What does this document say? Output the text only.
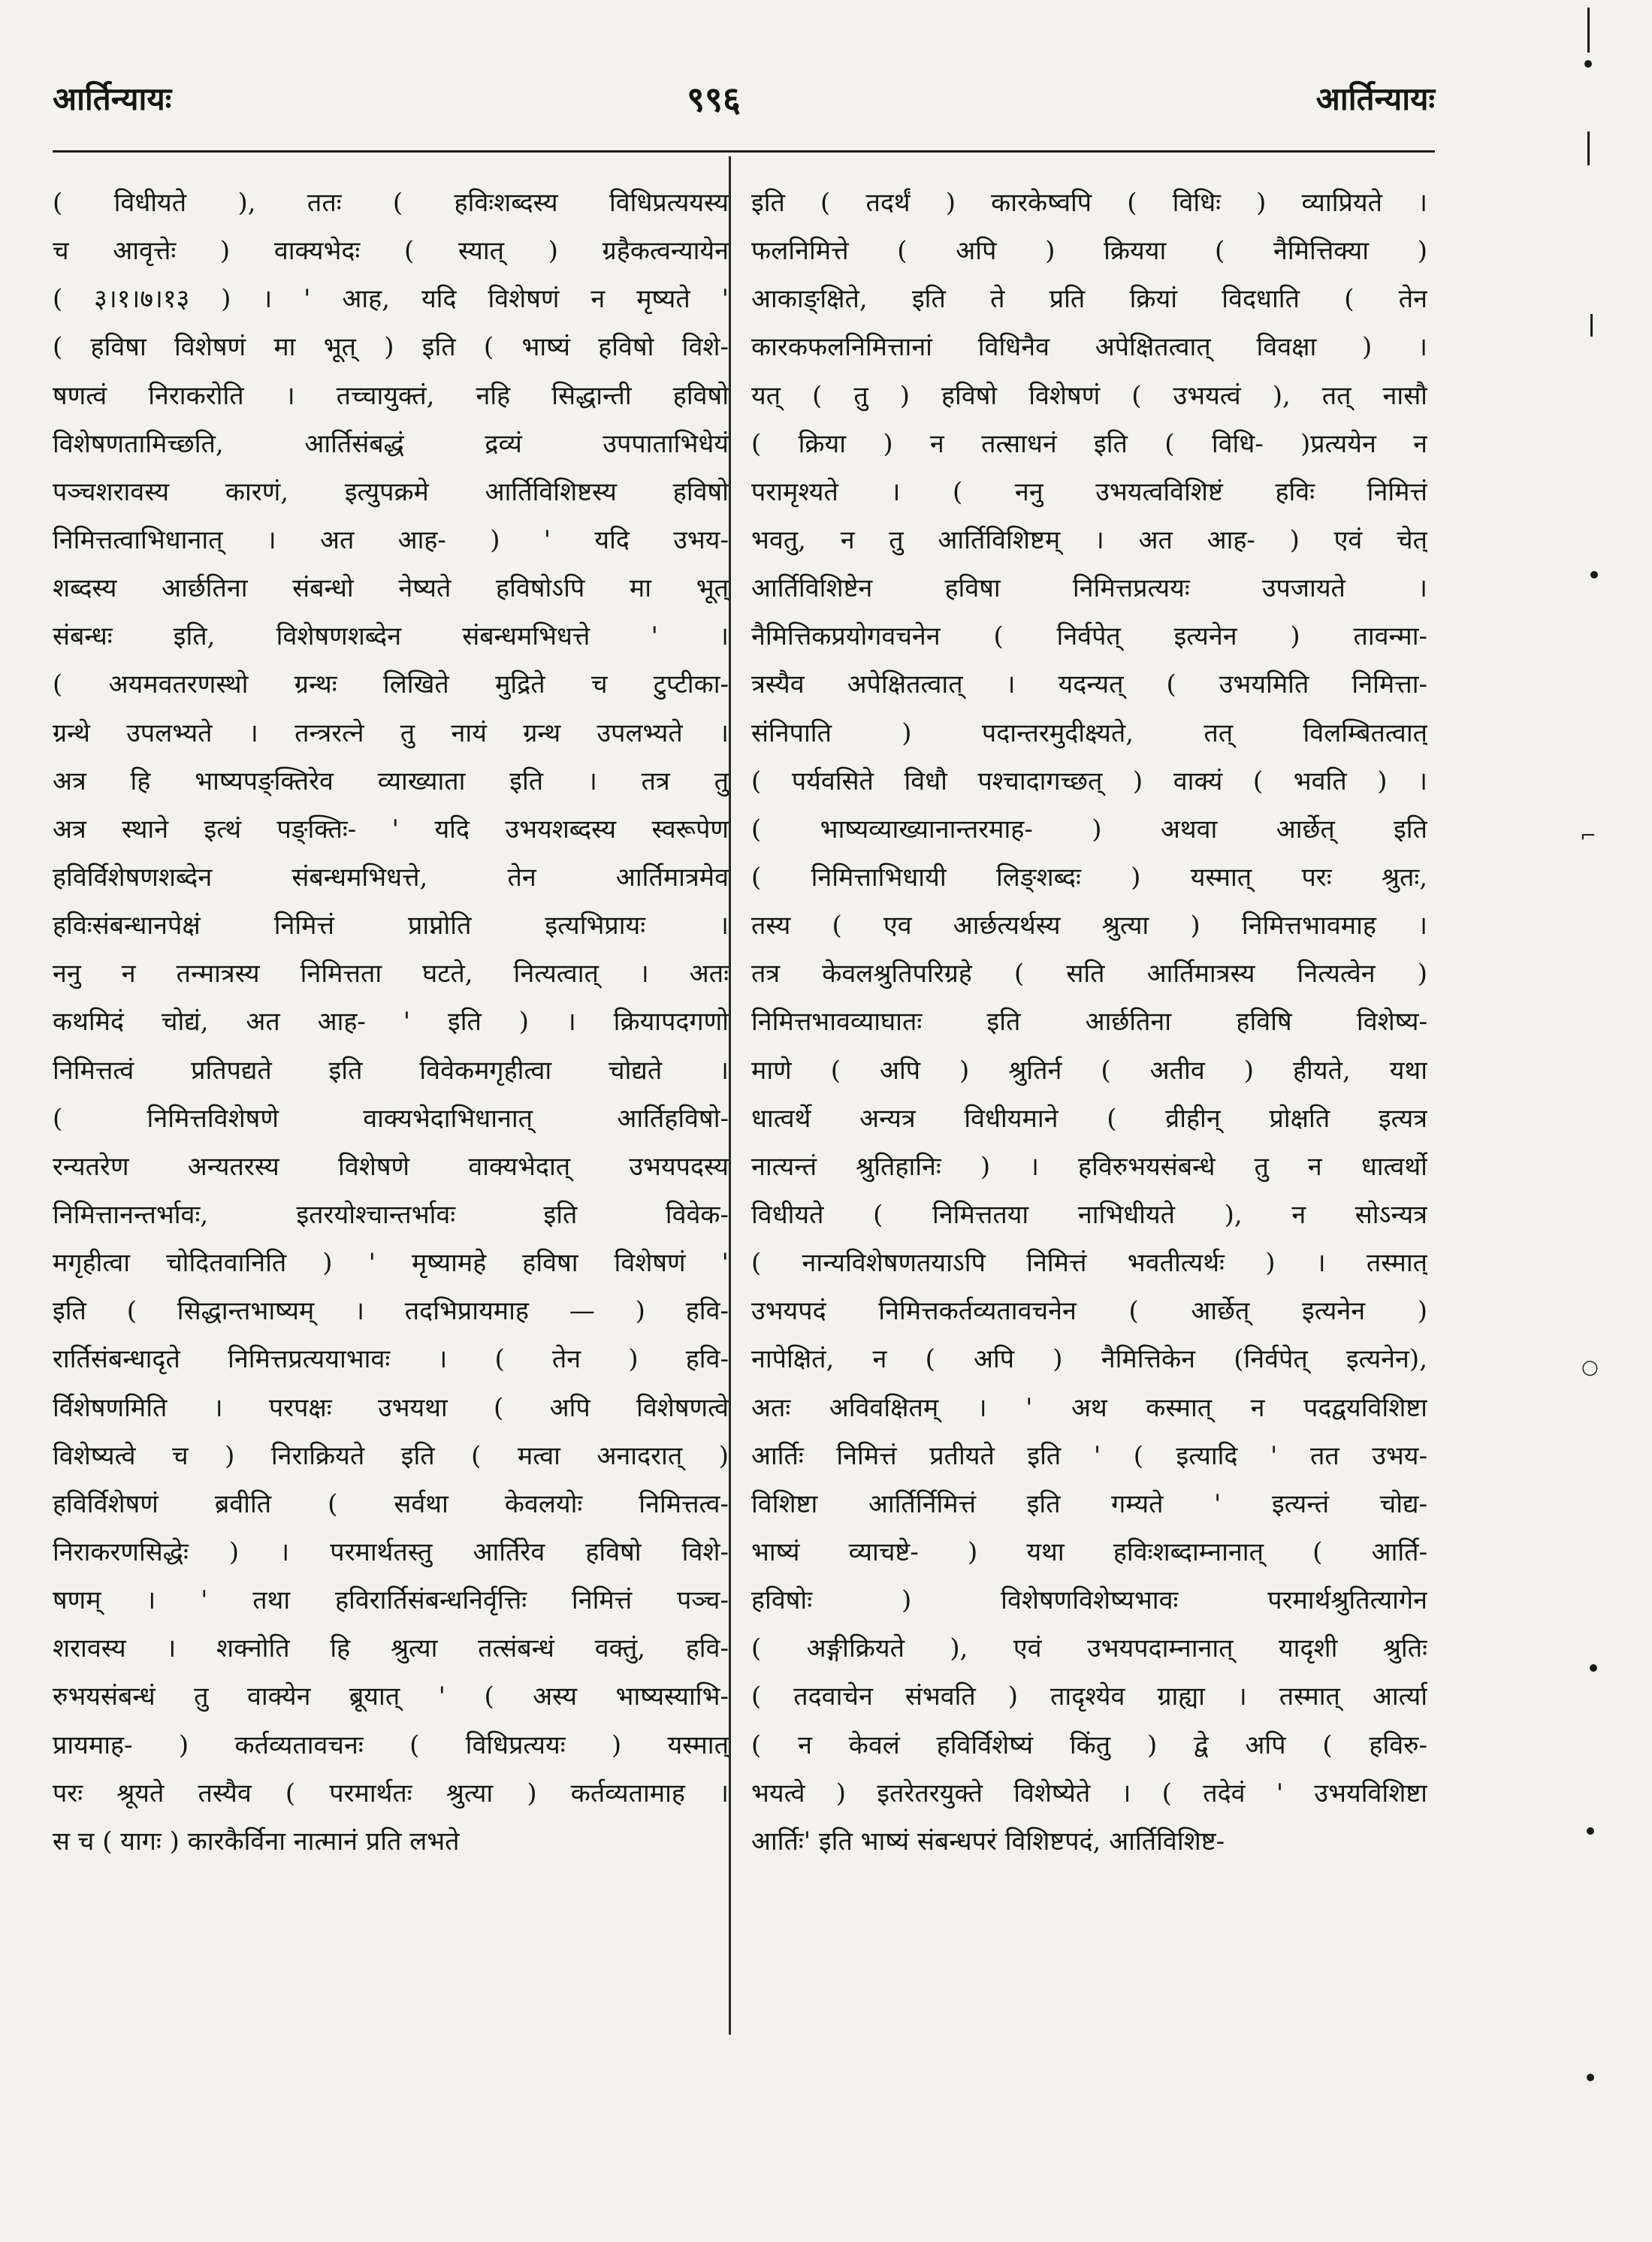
आर्तिन्यायः	९९६	आर्तिन्यायः
( विधीयते ), ततः ( हविःशब्दस्य विधिप्रत्ययस्य
च आवृत्तेः ) वाक्यभेदः ( स्यात् ) ग्रहैकत्वन्यायेन
( ३।१।७।१३ ) । ' आह, यदि विशेषणं न मृष्यते '
( हविषा विशेषणं मा भूत् ) इति ( भाष्यं हविषो विशे-
षणत्वं निराकरोति । तच्चायुक्तं, नहि सिद्धान्ती हविषो
विशेषणतामिच्छति, आर्तिसंबद्धं द्रव्यं उपपाताभिधेयं
पञ्चशरावस्य कारणं, इत्युपक्रमे आर्तिविशिष्टस्य हविषो
निमित्तत्वाभिधानात् । अत आह- ) ' यदि उभय-
शब्दस्य आर्छतिना संबन्धो नेष्यते हविषोऽपि मा भूत्
संबन्धः इति, विशेषणशब्देन संबन्धमभिधत्ते ' ।
( अयमवतरणस्थो ग्रन्थः लिखिते मुद्रिते च टुप्टीका-
ग्रन्थे उपलभ्यते । तन्त्ररत्ने तु नायं ग्रन्थ उपलभ्यते ।
अत्र हि भाष्यपङ्क्तिरेव व्याख्याता इति । तत्र तु
अत्र स्थाने इत्थं पङ्क्तिः- ' यदि उभयशब्दस्य स्वरूपेण
हविर्विशेषणशब्देन संबन्धमभिधत्ते, तेन आर्तिमात्रमेव
हविःसंबन्धानपेक्षं निमित्तं प्राप्नोति इत्यभिप्रायः ।
ननु न तन्मात्रस्य निमित्तता घटते, नित्यत्वात् । अतः
कथमिदं चोद्यं, अत आह- ' इति ) । क्रियापदगणो
निमित्तत्वं प्रतिपद्यते इति विवेकमगृहीत्वा चोद्यते ।
( निमित्तविशेषणे वाक्यभेदाभिधानात् आर्तिहविषो-
रन्यतरेण अन्यतरस्य विशेषणे वाक्यभेदात् उभयपदस्य
निमित्तानन्तर्भावः, इतरयोश्चान्तर्भावः इति विवेक-
मगृहीत्वा चोदितवानिति ) ' मृष्यामहे हविषा विशेषणं '
इति ( सिद्धान्तभाष्यम् । तदभिप्रायमाह — ) हवि-
रार्तिसंबन्धादृते निमित्तप्रत्ययाभावः । ( तेन ) हवि-
र्विशेषणमिति । परपक्षः उभयथा ( अपि विशेषणत्वे
विशेष्यत्वे च ) निराक्रियते इति ( मत्वा अनादरात् )
हविर्विशेषणं ब्रवीति ( सर्वथा केवलयोः निमित्तत्व-
निराकरणसिद्धेः ) । परमार्थतस्तु आर्तिरेव हविषो विशे-
षणम् । ' तथा हविरार्तिसंबन्धनिर्वृत्तिः निमित्तं पञ्च-
शरावस्य । शक्नोति हि श्रुत्या तत्संबन्धं वक्तुं, हवि-
रुभयसंबन्धं तु वाक्येन ब्रूयात् ' ( अस्य भाष्यस्याभि-
प्रायमाह- ) कर्तव्यतावचनः ( विधिप्रत्ययः ) यस्मात्
परः श्रूयते तस्यैव ( परमार्थतः श्रुत्या ) कर्तव्यतामाह ।
स च ( यागः ) कारकैर्विना नात्मानं प्रति लभते
इति ( तदर्थं ) कारकेष्वपि ( विधिः ) व्याप्रियते ।
फलनिमित्ते ( अपि ) क्रियया ( नैमित्तिक्या )
आकाङ्क्षिते, इति ते प्रति क्रियां विदधाति ( तेन
कारकफलनिमित्तानां विधिनैव अपेक्षितत्वात् विवक्षा ) ।
यत् ( तु ) हविषो विशेषणं ( उभयत्वं ), तत् नासौ
( क्रिया ) न तत्साधनं इति ( विधि- )प्रत्ययेन न
परामृश्यते । ( ननु उभयत्वविशिष्टं हविः निमित्तं
भवतु, न तु आर्तिविशिष्टम् । अत आह- ) एवं चेत्
आर्तिविशिष्टेन हविषा निमित्तप्रत्ययः उपजायते ।
नैमित्तिकप्रयोगवचनेन ( निर्वपेत् इत्यनेन ) तावन्मा-
त्रस्यैव अपेक्षितत्वात् । यदन्यत् ( उभयमिति निमित्ता-
संनिपाति ) पदान्तरमुदीक्ष्यते, तत् विलम्बितत्वात्
( पर्यवसिते विधौ पश्चादागच्छत् ) वाक्यं ( भवति ) ।
( भाष्यव्याख्यानान्तरमाह- ) अथवा आर्छेत् इति
( निमित्ताभिधायी लिङ्शब्दः ) यस्मात् परः श्रुतः,
तस्य ( एव आर्छत्यर्थस्य श्रुत्या ) निमित्तभावमाह ।
तत्र केवलश्रुतिपरिग्रहे ( सति आर्तिमात्रस्य नित्यत्वेन )
निमित्तभावव्याघातः इति आर्छतिना हविषि विशेष्य-
माणे ( अपि ) श्रुतिर्न ( अतीव ) हीयते, यथा
धात्वर्थे अन्यत्र विधीयमाने ( व्रीहीन् प्रोक्षति इत्यत्र
नात्यन्तं श्रुतिहानिः ) । हविरुभयसंबन्धे तु न धात्वर्थो
विधीयते ( निमित्ततया नाभिधीयते ), न सोऽन्यत्र
( नान्यविशेषणतयाऽपि निमित्तं भवतीत्यर्थः ) । तस्मात्
उभयपदं निमित्तकर्तव्यतावचनेन ( आर्छेत् इत्यनेन )
नापेक्षितं, न ( अपि ) नैमित्तिकेन (निर्वपेत् इत्यनेन),
अतः अविवक्षितम् । ' अथ कस्मात् न पदद्वयविशिष्टा
आर्तिः निमित्तं प्रतीयते इति ' ( इत्यादि ' तत उभय-
विशिष्टा आर्तिर्निमित्तं इति गम्यते ' इत्यन्तं चोद्य-
भाष्यं व्याचष्टे- ) यथा हविःशब्दाम्नानात् ( आर्ति-
हविषोः ) विशेषणविशेष्यभावः परमार्थश्रुतित्यागेन
( अङ्गीक्रियते ), एवं उभयपदाम्नानात् यादृशी श्रुतिः
( तदवाचेन संभवति ) तादृश्येव ग्राह्या । तस्मात् आर्त्या
( न केवलं हविर्विशेष्यं किंतु ) द्वे अपि ( हविरु-
भयत्वे ) इतरेतरयुक्ते विशेष्येते । ( तदेवं ' उभयविशिष्टा
आर्तिः' इति भाष्यं संबन्धपरं विशिष्टपदं, आर्तिविशिष्ट-
⌐
○
